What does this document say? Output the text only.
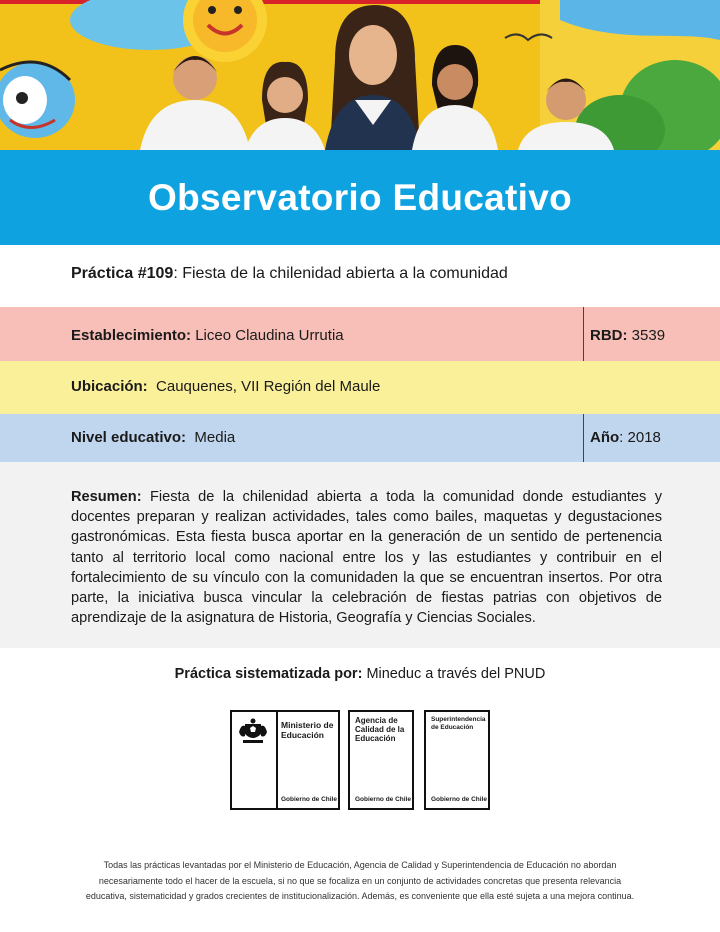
Observatorio Educativo
Práctica #109: Fiesta de la chilenidad abierta a la comunidad
Establecimiento: Liceo Claudina Urrutia	RBD: 3539
Ubicación: Cauquenes, VII Región del Maule
Nivel educativo: Media	Año: 2018

Resumen: Fiesta de la chilenidad abierta a toda la comunidad donde estudiantes y docentes preparan y realizan actividades, tales como bailes, maquetas y degustaciones gastronómicas. Esta fiesta busca aportar en la generación de un sentido de pertenencia tanto al territorio local como nacional entre los y las estudiantes y contribuir en el fortalecimiento de su vínculo con la comunidaden la que se encuentran insertos. Por otra parte, la iniciativa busca vincular la celebración de fiestas patrias con objetivos de aprendizaje de la asignatura de Historia, Geografía y Ciencias Sociales.

Práctica sistematizada por: Mineduc a través del PNUD
Ministerio de Educación
Gobierno de Chile
Agencia de Calidad de la Educación
Gobierno de Chile
Superintendencia de Educación
Gobierno de Chile
Todas las prácticas levantadas por el Ministerio de Educación, Agencia de Calidad y Superintendencia de Educación no abordan
necesariamente todo el hacer de la escuela, si no que se focaliza en un conjunto de actividades concretas que presenta relevancia
educativa, sistematicidad y grados crecientes de institucionalización. Además, es conveniente que ella esté sujeta a una mejora continua.
